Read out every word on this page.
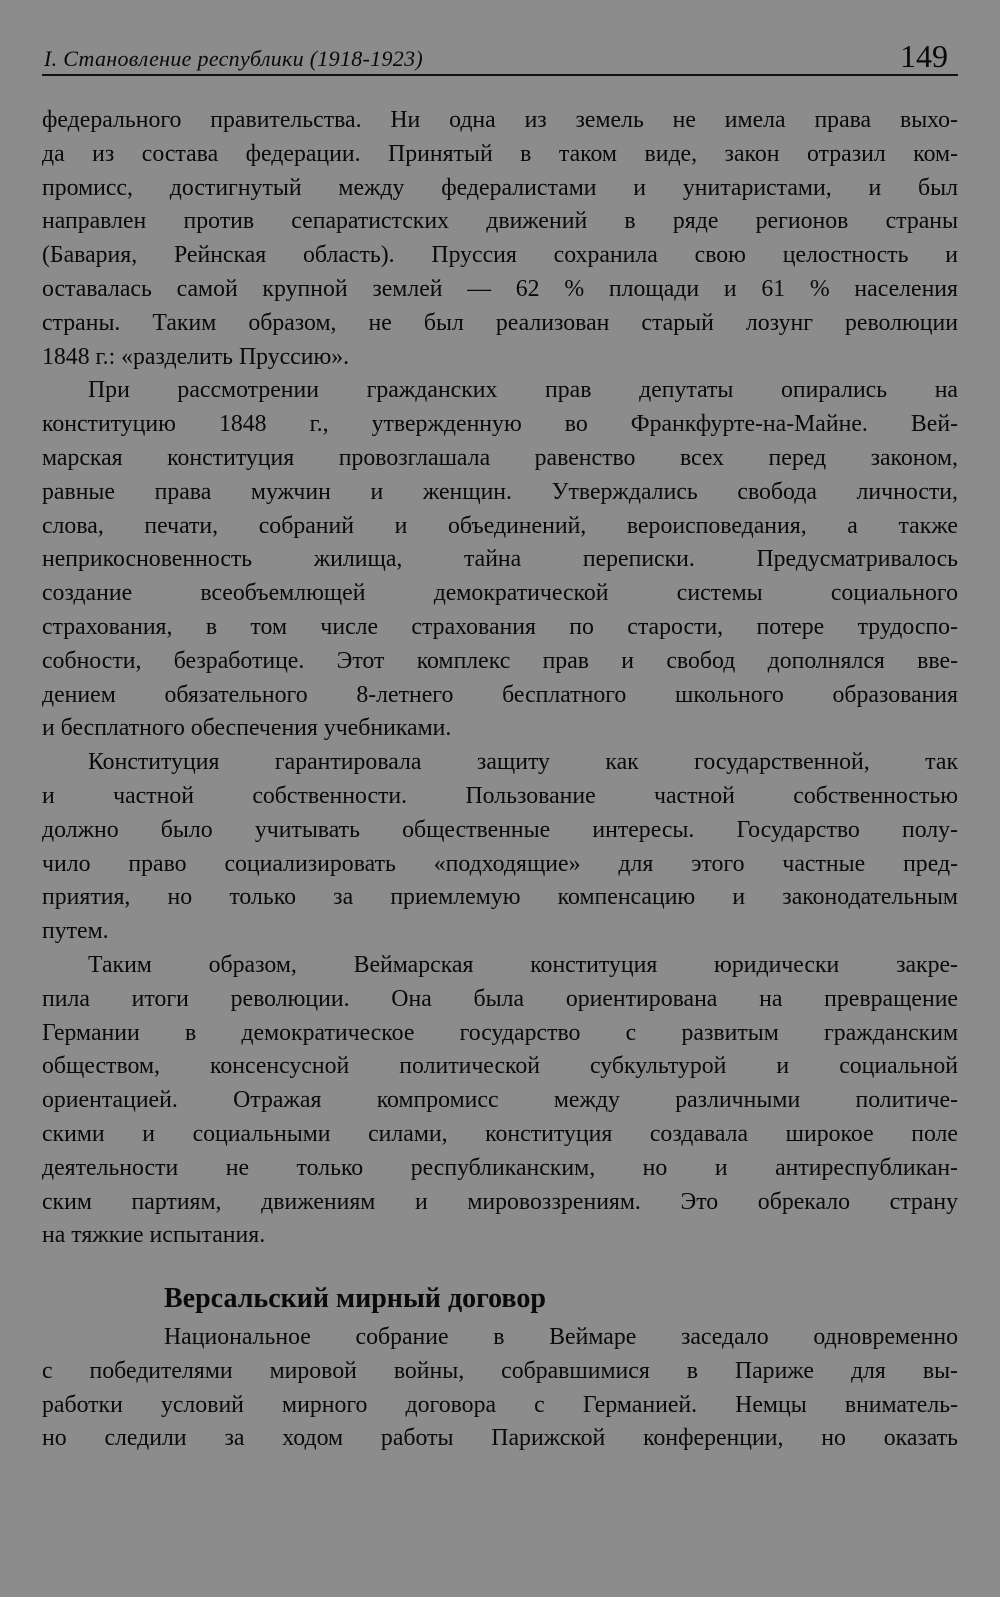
I. Становление республики (1918-1923)	149
федерального правительства. Ни одна из земель не имела права выхо-
да из состава федерации. Принятый в таком виде, закон отразил ком-
промисс, достигнутый между федералистами и унитаристами, и был
направлен против сепаратистских движений в ряде регионов страны
(Бавария, Рейнская область). Пруссия сохранила свою целостность и
оставалась самой крупной землей — 62 % площади и 61 % населения
страны. Таким образом, не был реализован старый лозунг революции
1848 г.: «разделить Пруссию».
При рассмотрении гражданских прав депутаты опирались на
конституцию 1848 г., утвержденную во Франкфурте-на-Майне. Вей-
марская конституция провозглашала равенство всех перед законом,
равные права мужчин и женщин. Утверждались свобода личности,
слова, печати, собраний и объединений, вероисповедания, а также
неприкосновенность жилища, тайна переписки. Предусматривалось
создание всеобъемлющей демократической системы социального
страхования, в том числе страхования по старости, потере трудоспо-
собности, безработице. Этот комплекс прав и свобод дополнялся вве-
дением обязательного 8-летнего бесплатного школьного образования
и бесплатного обеспечения учебниками.
Конституция гарантировала защиту как государственной, так
и частной собственности. Пользование частной собственностью
должно было учитывать общественные интересы. Государство полу-
чило право социализировать «подходящие» для этого частные пред-
приятия, но только за приемлемую компенсацию и законодательным
путем.
Таким образом, Веймарская конституция юридически закре-
пила итоги революции. Она была ориентирована на превращение
Германии в демократическое государство с развитым гражданским
обществом, консенсусной политической субкультурой и социальной
ориентацией. Отражая компромисс между различными политиче-
скими и социальными силами, конституция создавала широкое поле
деятельности не только республиканским, но и антиреспубликан-
ским партиям, движениям и мировоззрениям. Это обрекало страну
на тяжкие испытания.
Версальский мирный договор
Национальное собрание в Веймаре заседало одновременно
с победителями мировой войны, собравшимися в Париже для вы-
работки условий мирного договора с Германией. Немцы вниматель-
но следили за ходом работы Парижской конференции, но оказать
